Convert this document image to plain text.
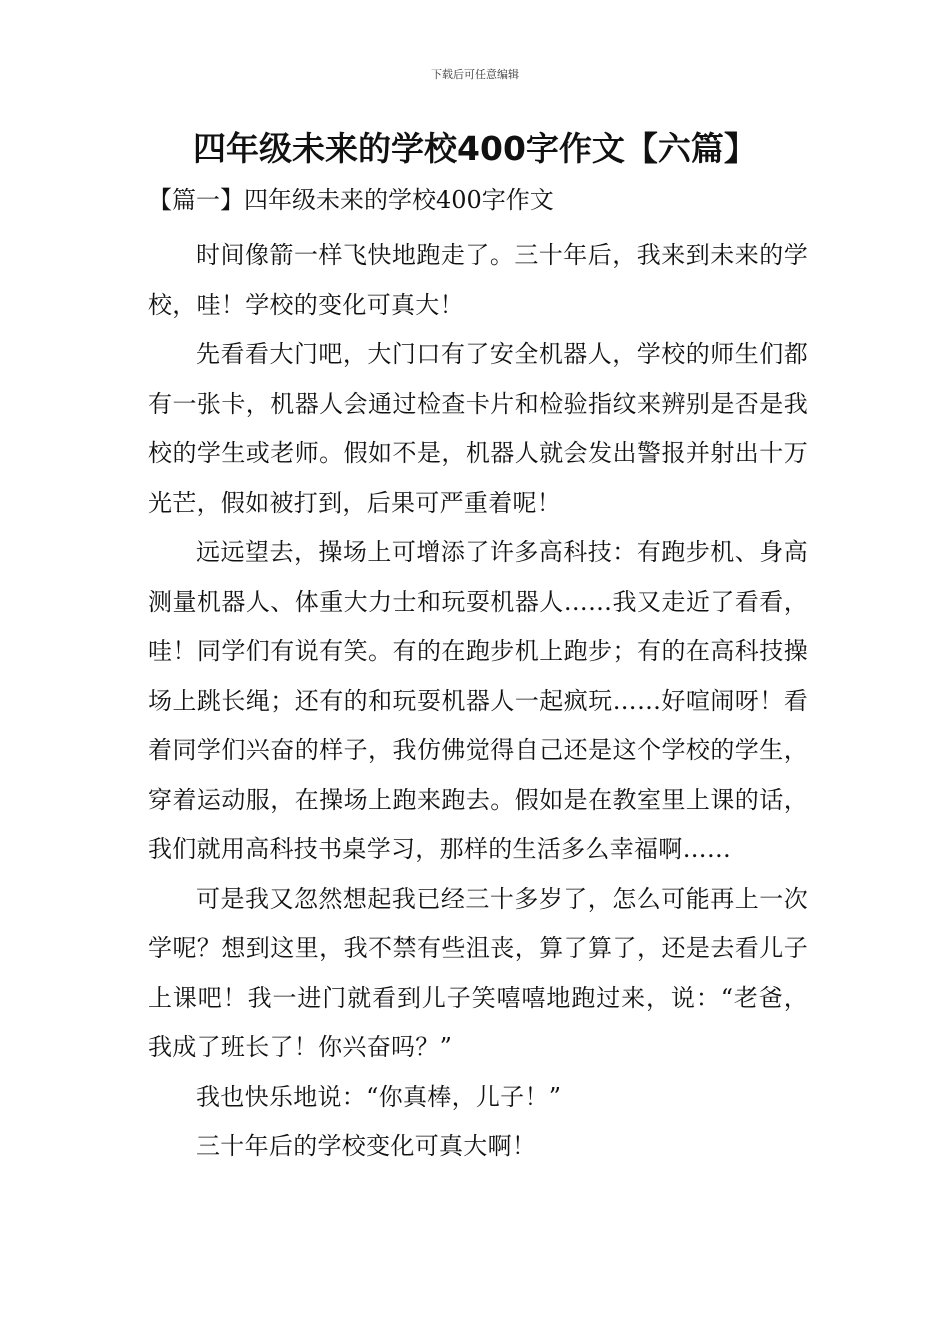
下载后可任意编辑
四年级未来的学校400字作文【六篇】
【篇一】四年级未来的学校400字作文

时间像箭一样飞快地跑走了。三十年后，我来到未来的学校，哇！学校的变化可真大！

先看看大门吧，大门口有了安全机器人，学校的师生们都有一张卡，机器人会通过检查卡片和检验指纹来辨别是否是我校的学生或老师。假如不是，机器人就会发出警报并射出十万光芒，假如被打到，后果可严重着呢！

远远望去，操场上可增添了许多高科技：有跑步机、身高测量机器人、体重大力士和玩耍机器人……我又走近了看看，哇！同学们有说有笑。有的在跑步机上跑步；有的在高科技操场上跳长绳；还有的和玩耍机器人一起疯玩……好喧闹呀！看着同学们兴奋的样子，我仿佛觉得自己还是这个学校的学生，穿着运动服，在操场上跑来跑去。假如是在教室里上课的话，我们就用高科技书桌学习，那样的生活多么幸福啊……

可是我又忽然想起我已经三十多岁了，怎么可能再上一次学呢？想到这里，我不禁有些沮丧，算了算了，还是去看儿子上课吧！我一进门就看到儿子笑嘻嘻地跑过来，说：“老爸，我成了班长了！你兴奋吗？”

我也快乐地说：“你真棒，儿子！”

三十年后的学校变化可真大啊！
